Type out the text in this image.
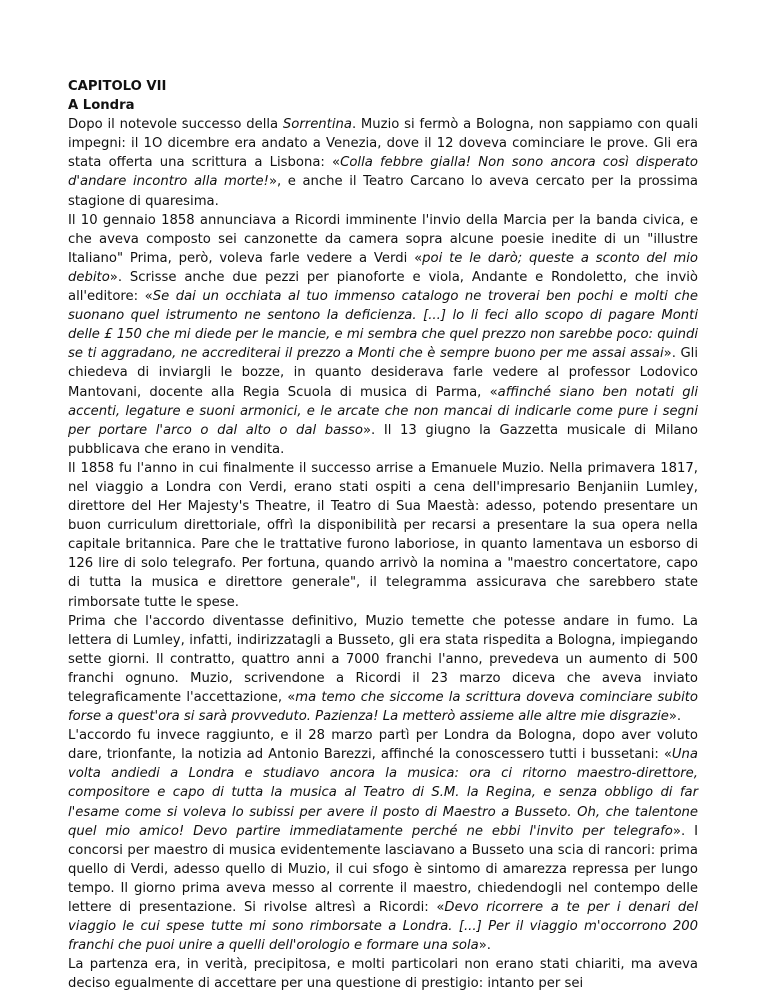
CAPITOLO VII
A Londra

Dopo il notevole successo della Sorrentina. Muzio si fermò a Bologna, non sappiamo con quali impegni: il 1O dicembre era andato a Venezia, dove il 12 doveva cominciare le prove. Gli era stata offerta una scrittura a Lisbona: «Colla febbre gialla! Non sono ancora così disperato d'andare incontro alla morte!», e anche il Teatro Carcano lo aveva cercato per la prossima stagione di quaresima.

Il 10 gennaio 1858 annunciava a Ricordi imminente l'invio della Marcia per la banda civica, e che aveva composto sei canzonette da camera sopra alcune poesie inedite di un "illustre Italiano" Prima, però, voleva farle vedere a Verdi «poi te le darò; queste a sconto del mio debito». Scrisse anche due pezzi per pianoforte e viola, Andante e Rondoletto, che inviò all'editore: «Se dai un occhiata al tuo immenso catalogo ne troverai ben pochi e molti che suonano quel istrumento ne sentono la deficienza. [...] lo li feci allo scopo di pagare Monti delle £ 150 che mi diede per le mancie, e mi sembra che quel prezzo non sarebbe poco: quindi se ti aggradano, ne accrediterai il prezzo a Monti che è sempre buono per me assai assai». Gli chiedeva di inviargli le bozze, in quanto desiderava farle vedere al professor Lodovico Mantovani, docente alla Regia Scuola di musica di Parma, «affinché siano ben notati gli accenti, legature e suoni armonici, e le arcate che non mancai di indicarle come pure i segni per portare l'arco o dal alto o dal basso». Il 13 giugno la Gazzetta musicale di Milano pubblicava che erano in vendita.

Il 1858 fu l'anno in cui finalmente il successo arrise a Emanuele Muzio. Nella primavera 1817, nel viaggio a Londra con Verdi, erano stati ospiti a cena dell'impresario Benjaniin Lumley, direttore del Her Majesty's Theatre, il Teatro di Sua Maestà: adesso, potendo presentare un buon curriculum direttoriale, offrì la disponibilità per recarsi a presentare la sua opera nella capitale britannica. Pare che le trattative furono laboriose, in quanto lamentava un esborso di 126 lire di solo telegrafo. Per fortuna, quando arrivò la nomina a "maestro concertatore, capo di tutta la musica e direttore generale", il telegramma assicurava che sarebbero state rimborsate tutte le spese.

Prima che l'accordo diventasse definitivo, Muzio temette che potesse andare in fumo. La lettera di Lumley, infatti, indirizzatagli a Busseto, gli era stata rispedita a Bologna, impiegando sette giorni. Il contratto, quattro anni a 7000 franchi l'anno, prevedeva un aumento di 500 franchi ognuno. Muzio, scrivendone a Ricordi il 23 marzo diceva che aveva inviato telegraficamente l'accettazione, «ma temo che siccome la scrittura doveva cominciare subito forse a quest'ora si sarà provveduto. Pazienza! La metterò assieme alle altre mie disgrazie».

L'accordo fu invece raggiunto, e il 28 marzo partì per Londra da Bologna, dopo aver voluto dare, trionfante, la notizia ad Antonio Barezzi, affinché la conoscessero tutti i bussetani: «Una volta andiedi a Londra e studiavo ancora la musica: ora ci ritorno maestro-direttore, compositore e capo di tutta la musica al Teatro di S.M. la Regina, e senza obbligo di far l'esame come si voleva lo subissi per avere il posto di Maestro a Busseto. Oh, che talentone quel mio amico! Devo partire immediatamente perché ne ebbi l'invito per telegrafo». I concorsi per maestro di musica evidentemente lasciavano a Busseto una scia di rancori: prima quello di Verdi, adesso quello di Muzio, il cui sfogo è sintomo di amarezza repressa per lungo tempo. Il giorno prima aveva messo al corrente il maestro, chiedendogli nel contempo delle lettere di presentazione. Si rivolse altresì a Ricordi: «Devo ricorrere a te per i denari del viaggio le cui spese tutte mi sono rimborsate a Londra. [...] Per il viaggio m'occorrono 200 franchi che puoi unire a quelli dell'orologio e formare una sola».

La partenza era, in verità, precipitosa, e molti particolari non erano stati chiariti, ma aveva deciso egualmente di accettare per una questione di prestigio: intanto per sei
